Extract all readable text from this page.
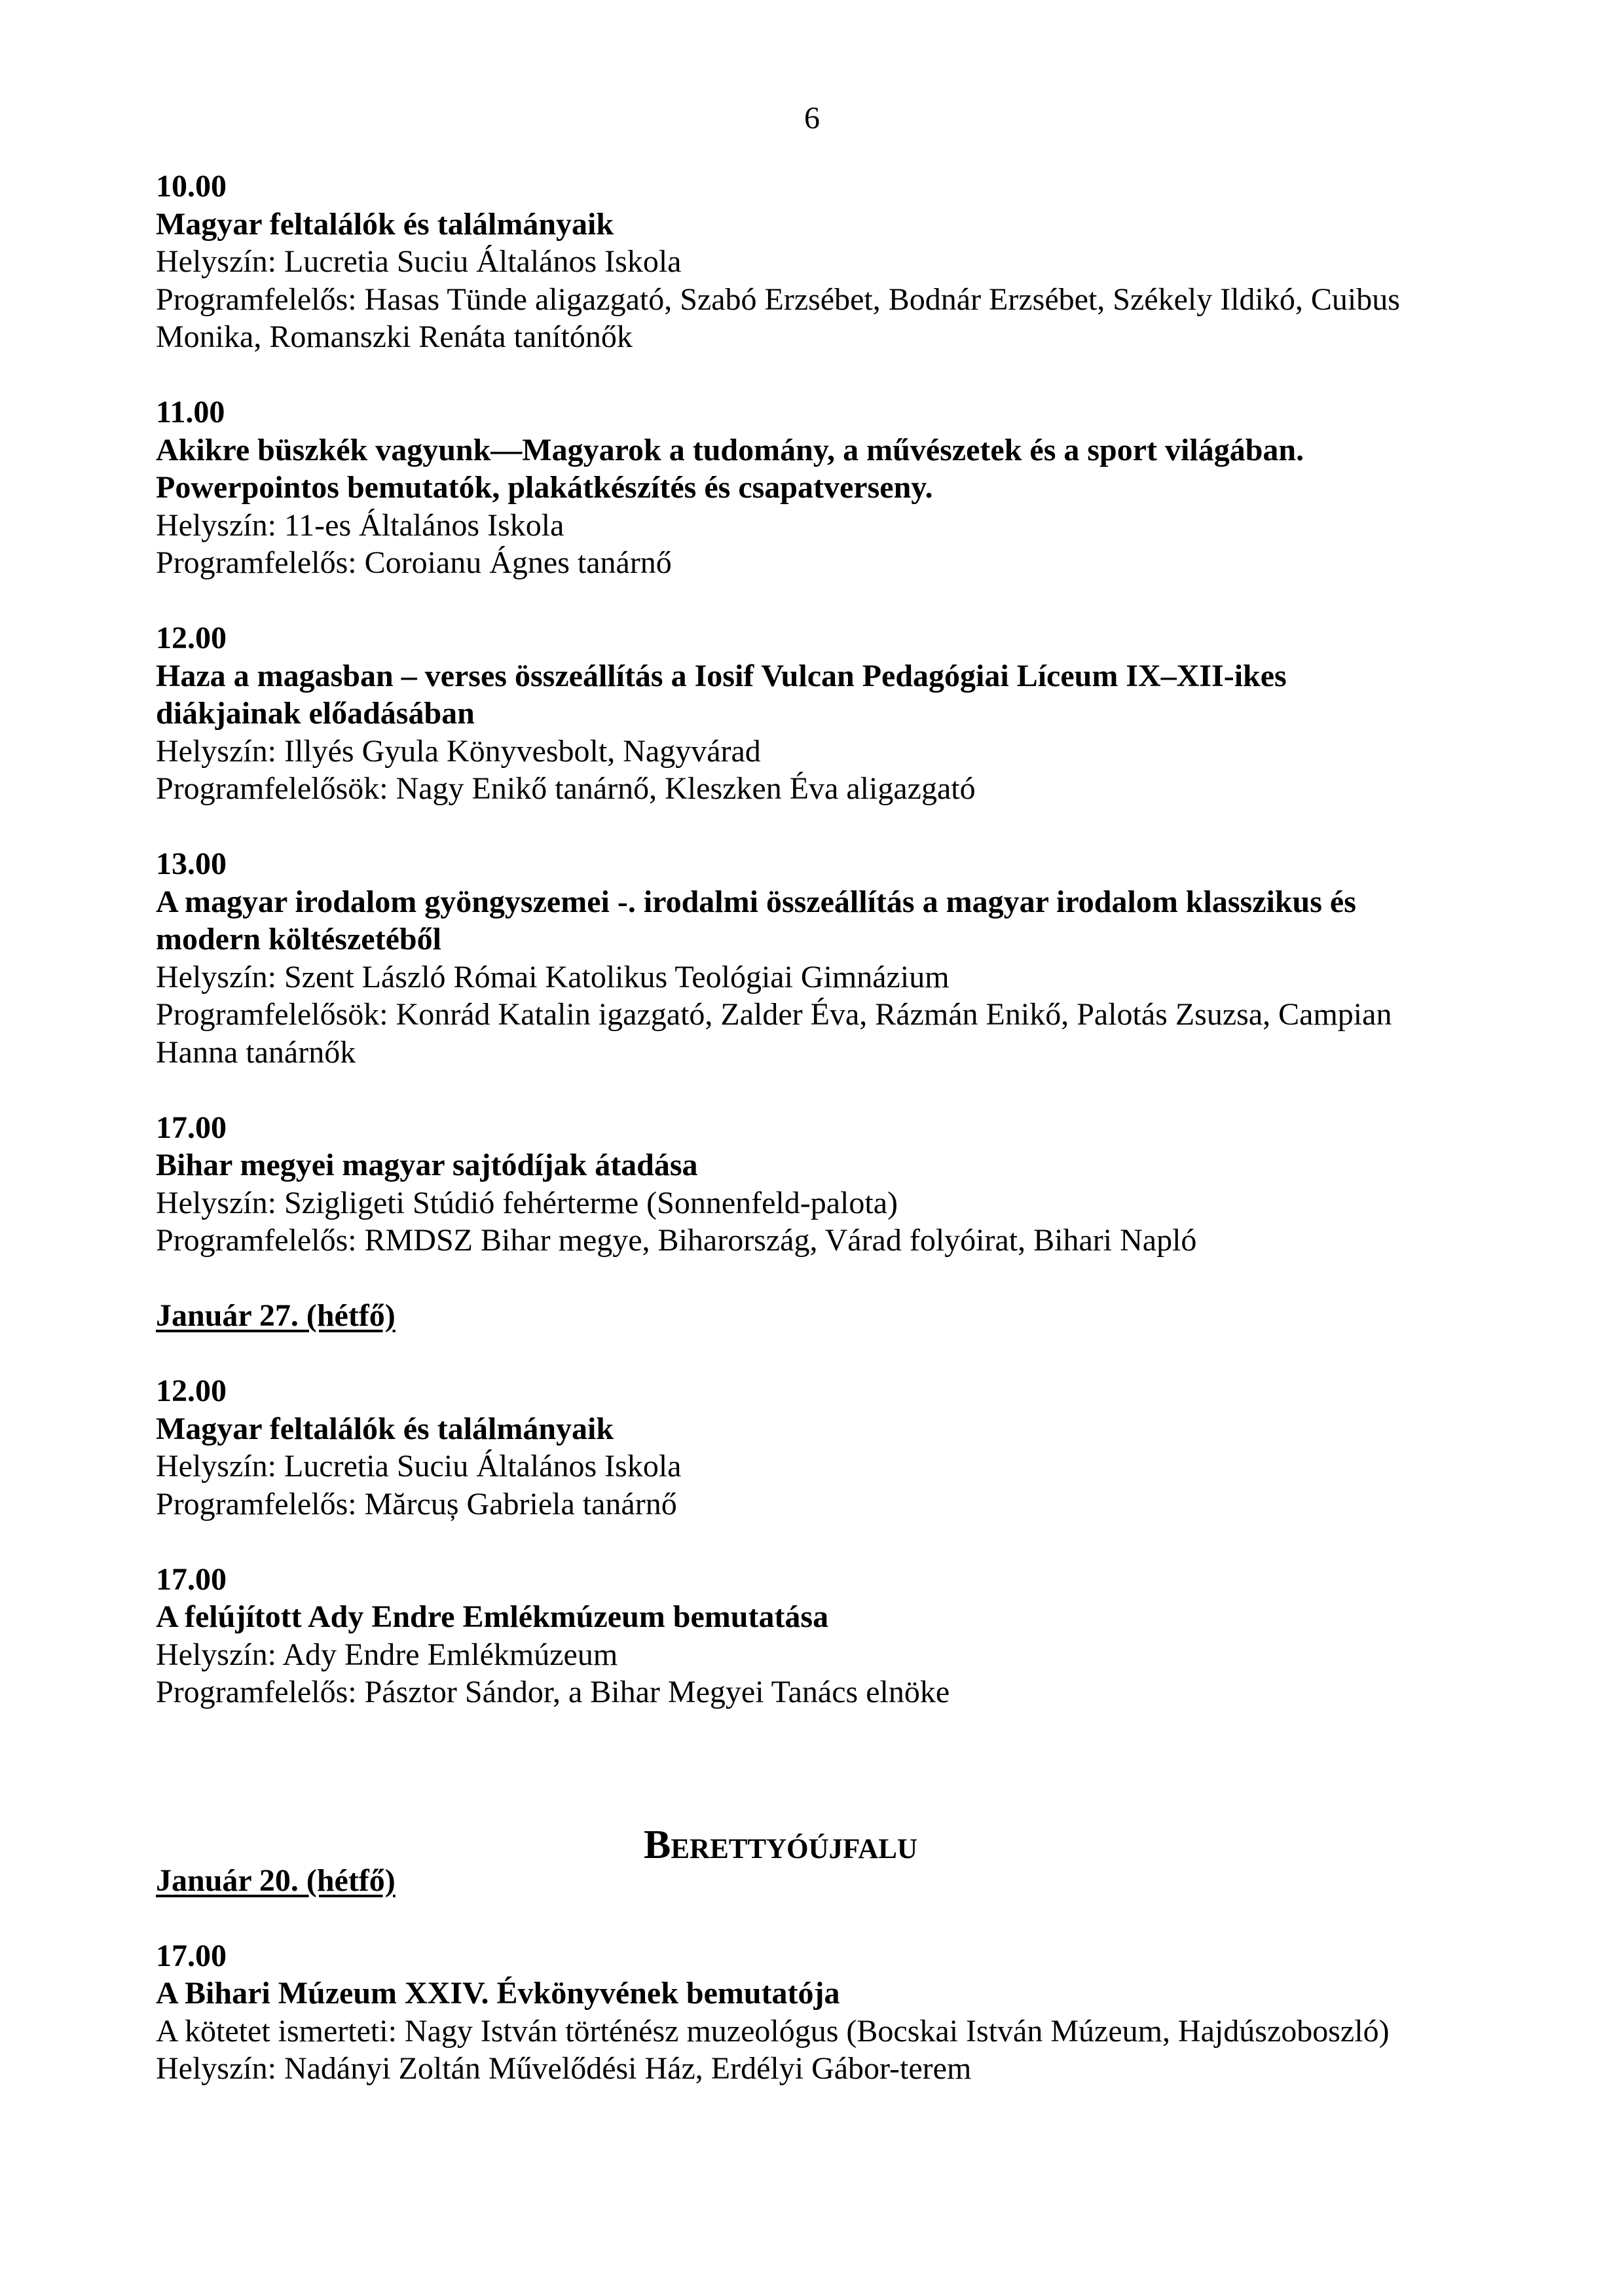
6

10.00

Magyar feltalálók és találmányaik

Helyszín: Lucretia Suciu Általános Iskola

Programfelelős: Hasas Tünde aligazgató, Szabó Erzsébet, Bodnár Erzsébet, Székely Ildikó, Cuibus

Monika, Romanszki Renáta tanítónők

11.00

Akikre büszkék vagyunk—Magyarok a tudomány, a művészetek és a sport világában.

Powerpointos bemutatók, plakátkészítés és csapatverseny.

Helyszín: 11-es Általános Iskola

Programfelelős: Coroianu Ágnes tanárnő

12.00

Haza a magasban – verses összeállítás a Iosif Vulcan Pedagógiai Líceum IX–XII-ikes

diákjainak előadásában

Helyszín: Illyés Gyula Könyvesbolt, Nagyvárad

Programfelelősök: Nagy Enikő tanárnő, Kleszken Éva aligazgató

13.00

A magyar irodalom gyöngyszemei -. irodalmi összeállítás a magyar irodalom klasszikus és

modern költészetéből

Helyszín: Szent László Római Katolikus Teológiai Gimnázium

Programfelelősök: Konrád Katalin igazgató, Zalder Éva, Rázmán Enikő, Palotás Zsuzsa, Campian

Hanna tanárnők

17.00

Bihar megyei magyar sajtódíjak átadása

Helyszín: Szigligeti Stúdió fehérterme (Sonnenfeld-palota)

Programfelelős: RMDSZ Bihar megye, Biharország, Várad folyóirat, Bihari Napló

Január 27. (hétfő)

12.00

Magyar feltalálók és találmányaik

Helyszín: Lucretia Suciu Általános Iskola

Programfelelős: Mărcuș Gabriela tanárnő

17.00

A felújított Ady Endre Emlékmúzeum bemutatása

Helyszín: Ady Endre Emlékmúzeum

Programfelelős: Pásztor Sándor, a Bihar Megyei Tanács elnöke

Berettyóújfalu

Január 20. (hétfő)

17.00

A Bihari Múzeum XXIV. Évkönyvének bemutatója

A kötetet ismerteti: Nagy István történész muzeológus (Bocskai István Múzeum, Hajdúszoboszló)

Helyszín: Nadányi Zoltán Művelődési Ház, Erdélyi Gábor-terem
